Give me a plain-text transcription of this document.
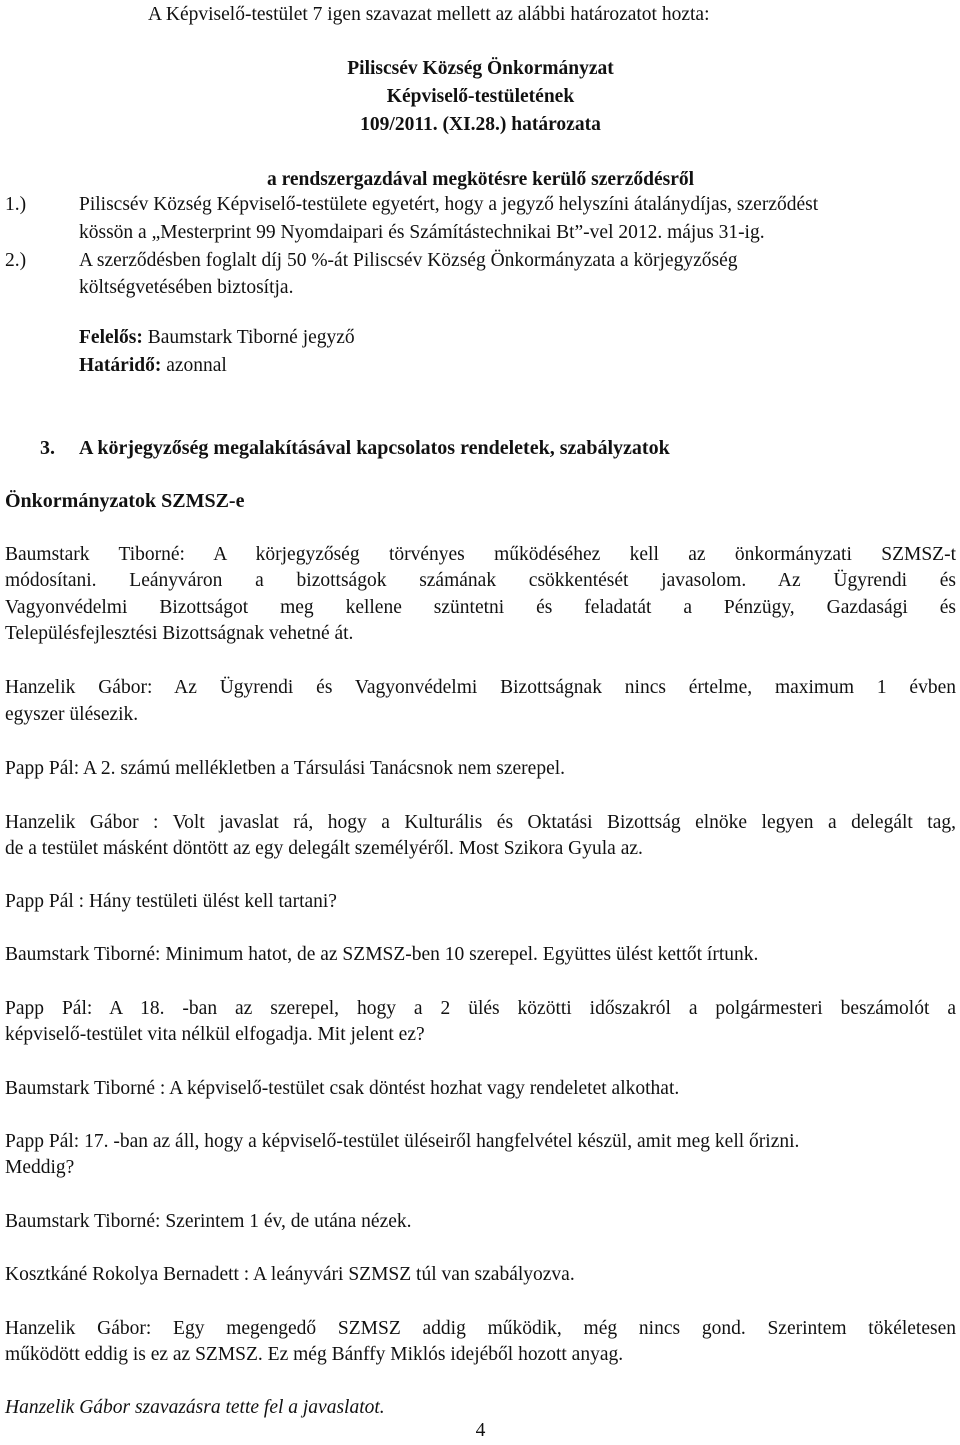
A Képviselő-testület 7 igen szavazat mellett az alábbi határozatot hozta:
Piliscsév Község Önkormányzat
Képviselő-testületének
109/2011. (XI.28.) határozata
a rendszergazdával megkötésre kerülő szerződésről
1.)	Piliscsév Község Képviselő-testülete egyetért, hogy a jegyző helyszíni átalánydíjas, szerződést
kössön a „Mesterprint 99 Nyomdaipari és Számítástechnikai Bt”-vel 2012. május 31-ig.
2.)	A szerződésben foglalt díj 50 %-át Piliscsév Község Önkormányzata a körjegyzőség
költségvetésében biztosítja.
Felelős: Baumstark Tiborné jegyző
Határidő: azonnal
3. A körjegyzőség megalakításával kapcsolatos rendeletek, szabályzatok
Önkormányzatok SZMSZ-e
Baumstark Tiborné: A körjegyzőség törvényes működéséhez kell az önkormányzati SZMSZ-t
módosítani. Leányváron a bizottságok számának csökkentését javasolom. Az Ügyrendi és
Vagyonvédelmi Bizottságot meg kellene szüntetni és feladatát a Pénzügy, Gazdasági és
Településfejlesztési Bizottságnak vehetné át.
Hanzelik Gábor: Az Ügyrendi és Vagyonvédelmi Bizottságnak nincs értelme, maximum 1 évben
egyszer ülésezik.
Papp Pál: A 2. számú mellékletben a Társulási Tanácsnok nem szerepel.
Hanzelik Gábor : Volt javaslat rá, hogy a Kulturális és Oktatási Bizottság elnöke legyen a delegált tag,
de a testület másként döntött az egy delegált személyéről. Most Szikora Gyula az.
Papp Pál : Hány testületi ülést kell tartani?
Baumstark Tiborné: Minimum hatot, de az SZMSZ-ben 10 szerepel. Együttes ülést kettőt írtunk.
Papp Pál: A 18. -ban az szerepel, hogy a 2 ülés közötti időszakról a polgármesteri beszámolót a
képviselő-testület vita nélkül elfogadja. Mit jelent ez?
Baumstark Tiborné : A képviselő-testület csak döntést hozhat vagy rendeletet alkothat.
Papp Pál: 17. -ban az áll, hogy a képviselő-testület üléseiről hangfelvétel készül, amit meg kell őrizni.
Meddig?
Baumstark Tiborné: Szerintem 1 év, de utána nézek.
Kosztkáné Rokolya Bernadett : A leányvári SZMSZ túl van szabályozva.
Hanzelik Gábor: Egy megengedő SZMSZ addig működik, még nincs gond. Szerintem tökéletesen
működött eddig is ez az SZMSZ. Ez még Bánffy Miklós idejéből hozott anyag.
Hanzelik Gábor szavazásra tette fel a javaslatot.
4
